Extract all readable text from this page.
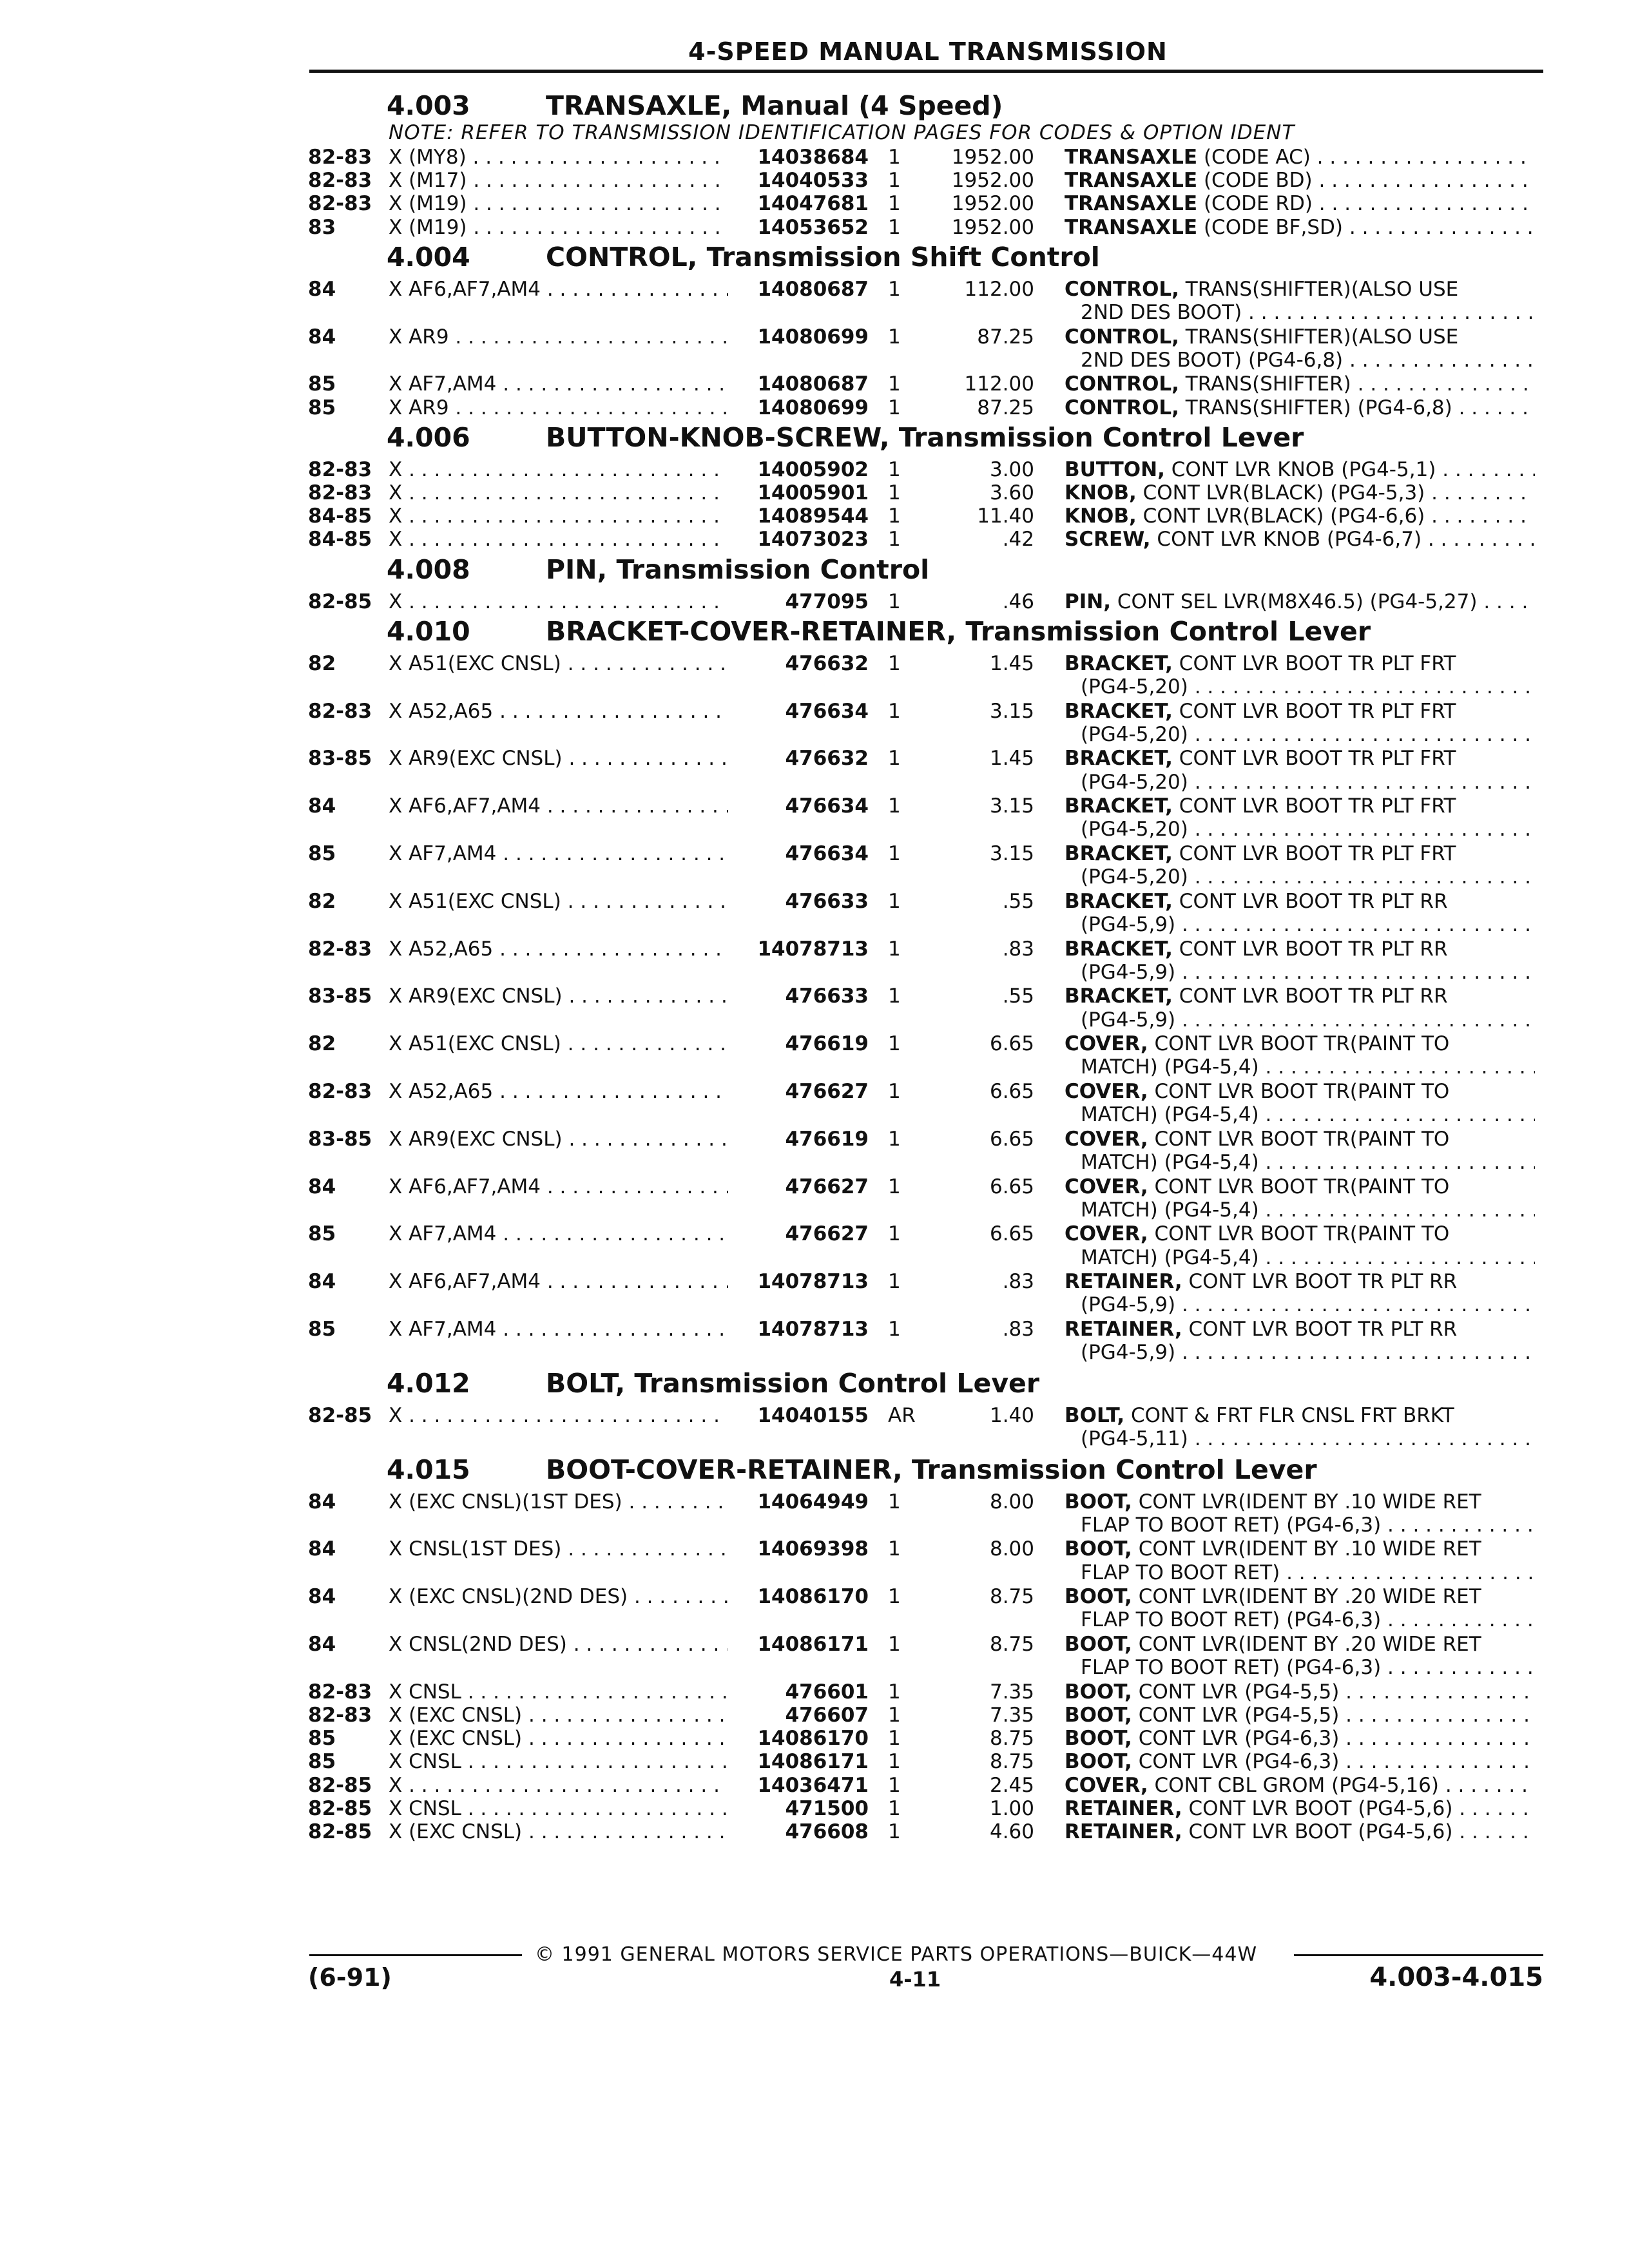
4-SPEED MANUAL TRANSMISSION
4.003	TRANSAXLE, Manual (4 Speed)
NOTE: REFER TO TRANSMISSION IDENTIFICATION PAGES FOR CODES & OPTION IDENT
82-83 X (MY8) . . .	14038684 1	1952.00 TRANSAXLE (CODE AC) . . .
82-83 X (M17) . . .	14040533 1	1952.00 TRANSAXLE (CODE BD) . . .
82-83 X (M19) . . .	14047681 1	1952.00 TRANSAXLE (CODE RD) . . .
83	X (M19) . . .	14053652 1	1952.00 TRANSAXLE (CODE BF,SD) . . .
4.004	CONTROL, Transmission Shift Control
84	X AF6,AF7,AM4 . . .	14080687 1	112.00 CONTROL, TRANS(SHIFTER)(ALSO USE
2ND DES BOOT) . . .
84	X AR9 . . .	14080699 1	87.25 CONTROL, TRANS(SHIFTER)(ALSO USE
2ND DES BOOT) (PG4-6,8) . . .
85	X AF7,AM4 . . .	14080687 1	112.00 CONTROL, TRANS(SHIFTER) . . .
85	X AR9 . . .	14080699 1	87.25 CONTROL, TRANS(SHIFTER) (PG4-6,8) . . .
4.006	BUTTON-KNOB-SCREW, Transmission Control Lever
82-83 X . . .	14005902 1	3.00 BUTTON, CONT LVR KNOB (PG4-5,1) . . .
82-83 X . . .	14005901 1	3.60 KNOB, CONT LVR(BLACK) (PG4-5,3) . . .
84-85 X . . .	14089544 1	11.40 KNOB, CONT LVR(BLACK) (PG4-6,6) . . .
84-85 X . . .	14073023 1	.42 SCREW, CONT LVR KNOB (PG4-6,7) . . .
4.008	PIN, Transmission Control
82-85 X . . .	477095 1	.46 PIN, CONT SEL LVR(M8X46.5) (PG4-5,27) . . .
4.010	BRACKET-COVER-RETAINER, Transmission Control Lever
82	X A51(EXC CNSL) . . .	476632 1	1.45 BRACKET, CONT LVR BOOT TR PLT FRT
(PG4-5,20) . . .
82-83 X A52,A65 . . .	476634 1	3.15 BRACKET, CONT LVR BOOT TR PLT FRT
(PG4-5,20) . . .
83-85 X AR9(EXC CNSL) . . .	476632 1	1.45 BRACKET, CONT LVR BOOT TR PLT FRT
(PG4-5,20) . . .
84	X AF6,AF7,AM4 . . .	476634 1	3.15 BRACKET, CONT LVR BOOT TR PLT FRT
(PG4-5,20) . . .
85	X AF7,AM4 . . .	476634 1	3.15 BRACKET, CONT LVR BOOT TR PLT FRT
(PG4-5,20) . . .
82	X A51(EXC CNSL) . . .	476633 1	.55 BRACKET, CONT LVR BOOT TR PLT RR
(PG4-5,9) . . .
82-83 X A52,A65 . . .	14078713 1	.83 BRACKET, CONT LVR BOOT TR PLT RR
(PG4-5,9) . . .
83-85 X AR9(EXC CNSL) . . .	476633 1	.55 BRACKET, CONT LVR BOOT TR PLT RR
(PG4-5,9) . . .
82	X A51(EXC CNSL) . . .	476619 1	6.65 COVER, CONT LVR BOOT TR(PAINT TO
MATCH) (PG4-5,4) . . .
82-83 X A52,A65 . . .	476627 1	6.65 COVER, CONT LVR BOOT TR(PAINT TO
MATCH) (PG4-5,4) . . .
83-85 X AR9(EXC CNSL) . . .	476619 1	6.65 COVER, CONT LVR BOOT TR(PAINT TO
MATCH) (PG4-5,4) . . .
84	X AF6,AF7,AM4 . . .	476627 1	6.65 COVER, CONT LVR BOOT TR(PAINT TO
MATCH) (PG4-5,4) . . .
85	X AF7,AM4 . . .	476627 1	6.65 COVER, CONT LVR BOOT TR(PAINT TO
MATCH) (PG4-5,4) . . .
84	X AF6,AF7,AM4 . . .	14078713 1	.83 RETAINER, CONT LVR BOOT TR PLT RR
(PG4-5,9) . . .
85	X AF7,AM4 . . .	14078713 1	.83 RETAINER, CONT LVR BOOT TR PLT RR
(PG4-5,9) . . .
4.012	BOLT, Transmission Control Lever
82-85 X . . .	14040155 AR	1.40 BOLT, CONT & FRT FLR CNSL FRT BRKT
(PG4-5,11) . . .
4.015	BOOT-COVER-RETAINER, Transmission Control Lever
84	X (EXC CNSL)(1ST DES) . . .	14064949 1	8.00 BOOT, CONT LVR(IDENT BY .10 WIDE RET
FLAP TO BOOT RET) (PG4-6,3) . . .
84	X CNSL(1ST DES) . . .	14069398 1	8.00 BOOT, CONT LVR(IDENT BY .10 WIDE RET
FLAP TO BOOT RET) . . .
84	X (EXC CNSL)(2ND DES) . . .	14086170 1	8.75 BOOT, CONT LVR(IDENT BY .20 WIDE RET
FLAP TO BOOT RET) (PG4-6,3) . . .
84	X CNSL(2ND DES) . . .	14086171 1	8.75 BOOT, CONT LVR(IDENT BY .20 WIDE RET
FLAP TO BOOT RET) (PG4-6,3) . . .
82-83 X CNSL . . .	476601 1	7.35 BOOT, CONT LVR (PG4-5,5) . . .
82-83 X (EXC CNSL) . . .	476607 1	7.35 BOOT, CONT LVR (PG4-5,5) . . .
85	X (EXC CNSL) . . .	14086170 1	8.75 BOOT, CONT LVR (PG4-6,3) . . .
85	X CNSL . . .	14086171 1	8.75 BOOT, CONT LVR (PG4-6,3) . . .
82-85 X . . .	14036471 1	2.45 COVER, CONT CBL GROM (PG4-5,16) . . .
82-85 X CNSL . . .	471500 1	1.00 RETAINER, CONT LVR BOOT (PG4-5,6) . . .
82-85 X (EXC CNSL) . . .	476608 1	4.60 RETAINER, CONT LVR BOOT (PG4-5,6) . . .
© 1991 GENERAL MOTORS SERVICE PARTS OPERATIONS—BUICK—44W
(6-91)	4-11	4.003-4.015
